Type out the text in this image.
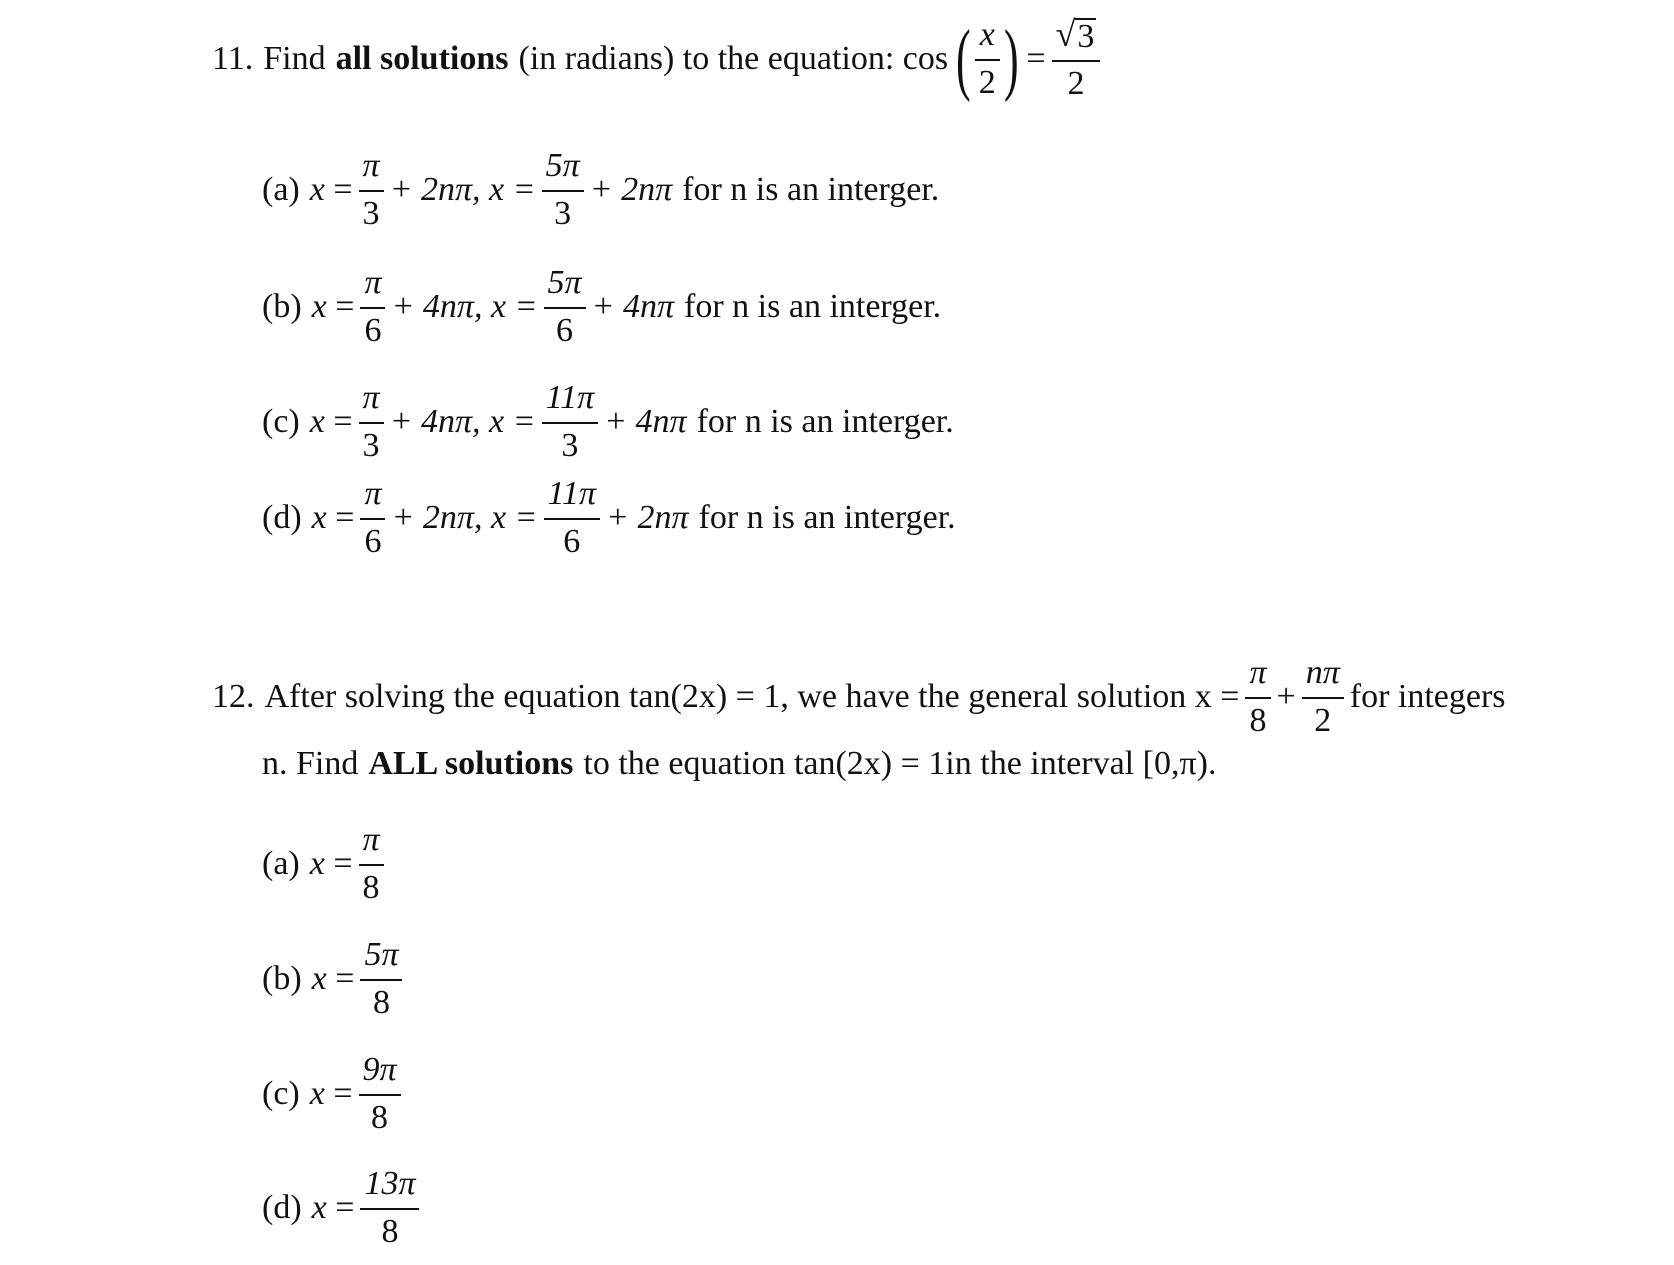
11. Find all solutions (in radians) to the equation: cos ( $\frac{x}{2}$ ) = $\frac{√ 3}{2}$
(a) $x = \frac{\pi}{3} + 2n\pi$, $x = \frac{5\pi}{3} + 2n\pi$ for n is an interger.
(b) $x = \frac{\pi}{6} + 4n\pi$, $x = \frac{5\pi}{6} + 4n\pi$ for n is an interger.
(c) $x = \frac{\pi}{3} + 4n\pi$, $x = \frac{11\pi}{3} + 4n\pi$ for n is an interger.
(d) $x = \frac{\pi}{6} + 2n\pi$, $x = \frac{11\pi}{6} + 2n\pi$ for n is an interger.
12. After solving the equation tan(2x) = 1, we have the general solution $x = \frac{\pi}{8} + \frac{n\pi}{2}$ for integers
n. Find ALL solutions to the equation tan(2x) = 1in the interval [0,π).
(a) $x = \frac{\pi}{8}$
(b) $x = \frac{5\pi}{8}$
(c) $x = \frac{9\pi}{8}$
(d) $x = \frac{13\pi}{8}$
